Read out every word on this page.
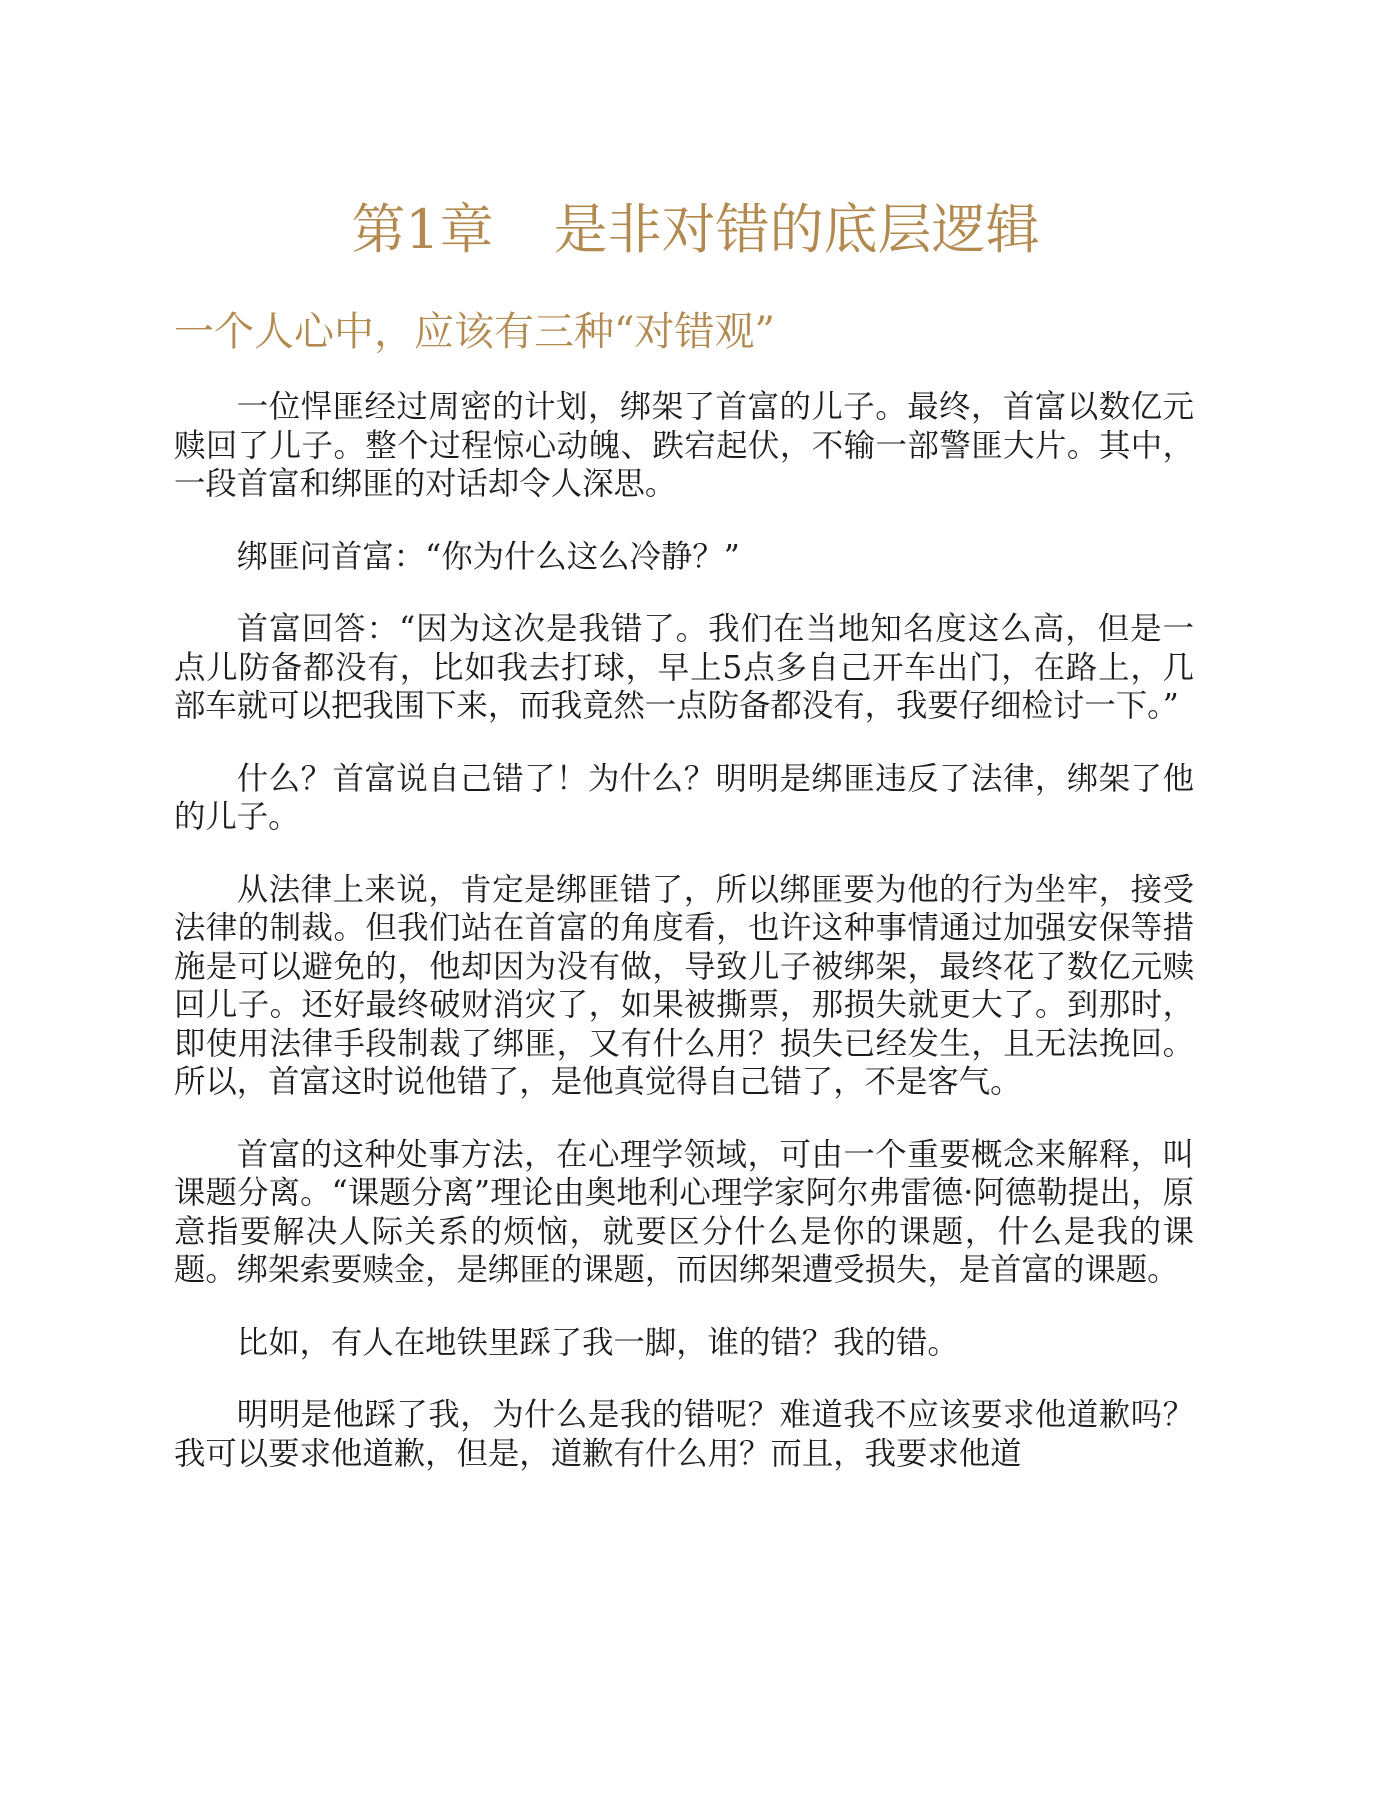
第1章 是非对错的底层逻辑
一个人心中，应该有三种“对错观”

一位悍匪经过周密的计划，绑架了首富的儿子。最终，首富以数亿元赎回了儿子。整个过程惊心动魄、跌宕起伏，不输一部警匪大片。其中，一段首富和绑匪的对话却令人深思。

绑匪问首富：“你为什么这么冷静？”

首富回答：“因为这次是我错了。我们在当地知名度这么高，但是一点儿防备都没有，比如我去打球，早上5点多自己开车出门，在路上，几部车就可以把我围下来，而我竟然一点防备都没有，我要仔细检讨一下。”

什么？首富说自己错了！为什么？明明是绑匪违反了法律，绑架了他的儿子。

从法律上来说，肯定是绑匪错了，所以绑匪要为他的行为坐牢，接受法律的制裁。但我们站在首富的角度看，也许这种事情通过加强安保等措施是可以避免的，他却因为没有做，导致儿子被绑架，最终花了数亿元赎回儿子。还好最终破财消灾了，如果被撕票，那损失就更大了。到那时，即使用法律手段制裁了绑匪，又有什么用？损失已经发生，且无法挽回。所以，首富这时说他错了，是他真觉得自己错了，不是客气。

首富的这种处事方法，在心理学领域，可由一个重要概念来解释，叫课题分离。“课题分离”理论由奥地利心理学家阿尔弗雷德·阿德勒提出，原意指要解决人际关系的烦恼，就要区分什么是你的课题，什么是我的课题。绑架索要赎金，是绑匪的课题，而因绑架遭受损失，是首富的课题。

比如，有人在地铁里踩了我一脚，谁的错？我的错。

明明是他踩了我，为什么是我的错呢？难道我不应该要求他道歉吗？我可以要求他道歉，但是，道歉有什么用？而且，我要求他道
